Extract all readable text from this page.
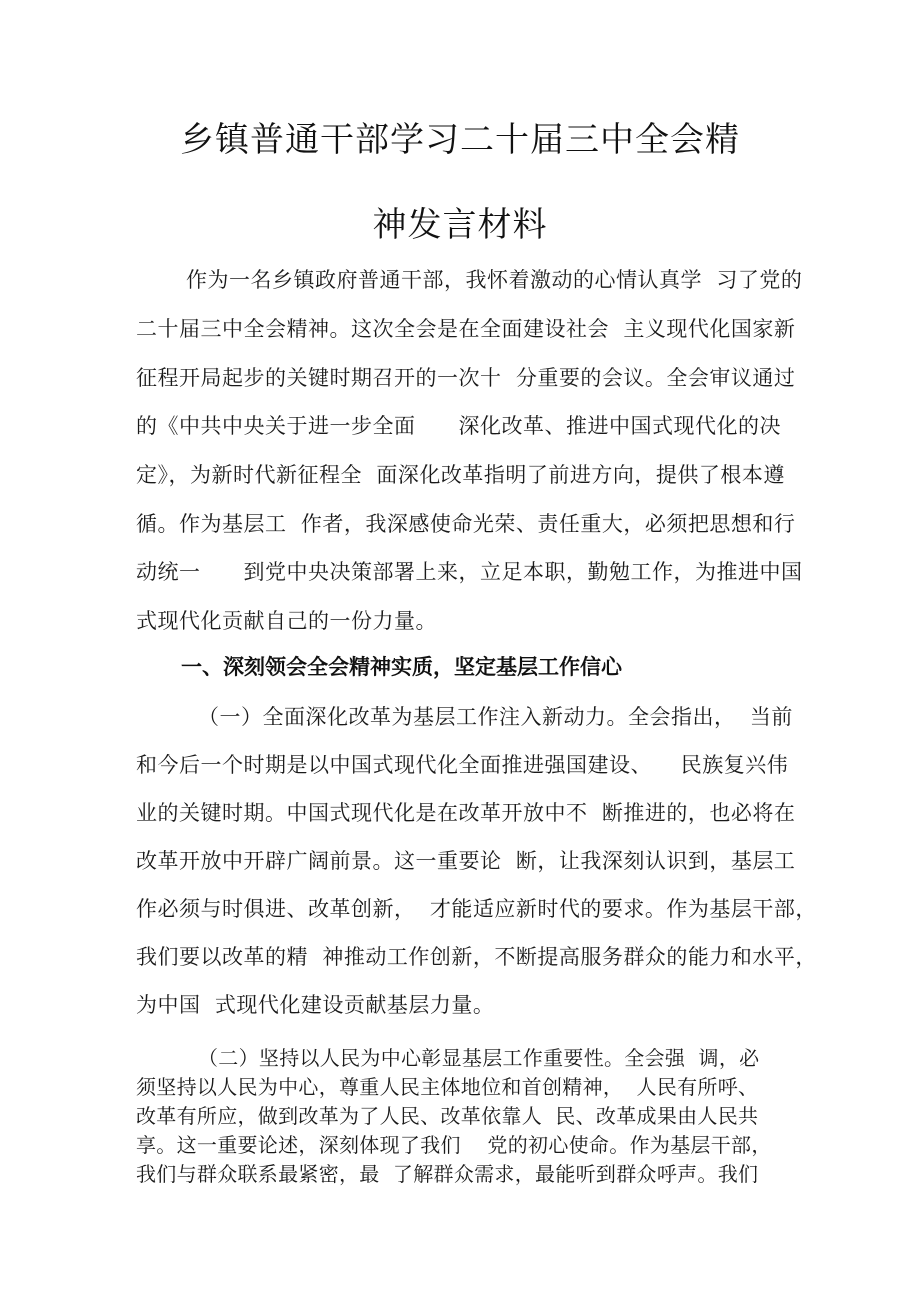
乡镇普通干部学习二十届三中全会精
神发言材料
作为一名乡镇政府普通干部，我怀着激动的心情认真学  习了党的
二十届三中全会精神。这次全会是在全面建设社会  主义现代化国家新
征程开局起步的关键时期召开的一次十  分重要的会议。全会审议通过
的《中共中央关于进一步全面      深化改革、推进中国式现代化的决
定》，为新时代新征程全  面深化改革指明了前进方向，提供了根本遵
循。作为基层工  作者，我深感使命光荣、责任重大，必须把思想和行
动统一      到党中央决策部署上来，立足本职，勤勉工作，为推进中国
式现代化贡献自己的一份力量。
一、深刻领会全会精神实质，坚定基层工作信心
（一）全面深化改革为基层工作注入新动力。全会指出，  当前
和今后一个时期是以中国式现代化全面推进强国建设、    民族复兴伟
业的关键时期。中国式现代化是在改革开放中不  断推进的，也必将在
改革开放中开辟广阔前景。这一重要论  断，让我深刻认识到，基层工
作必须与时俱进、改革创新，  才能适应新时代的要求。作为基层干部，
我们要以改革的精  神推动工作创新，不断提高服务群众的能力和水平，
为中国  式现代化建设贡献基层力量。
（二）坚持以人民为中心彰显基层工作重要性。全会强  调，必
须坚持以人民为中心，尊重人民主体地位和首创精神，  人民有所呼、
改革有所应，做到改革为了人民、改革依靠人  民、改革成果由人民共
享。这一重要论述，深刻体现了我们    党的初心使命。作为基层干部，
我们与群众联系最紧密，最  了解群众需求，最能听到群众呼声。我们
